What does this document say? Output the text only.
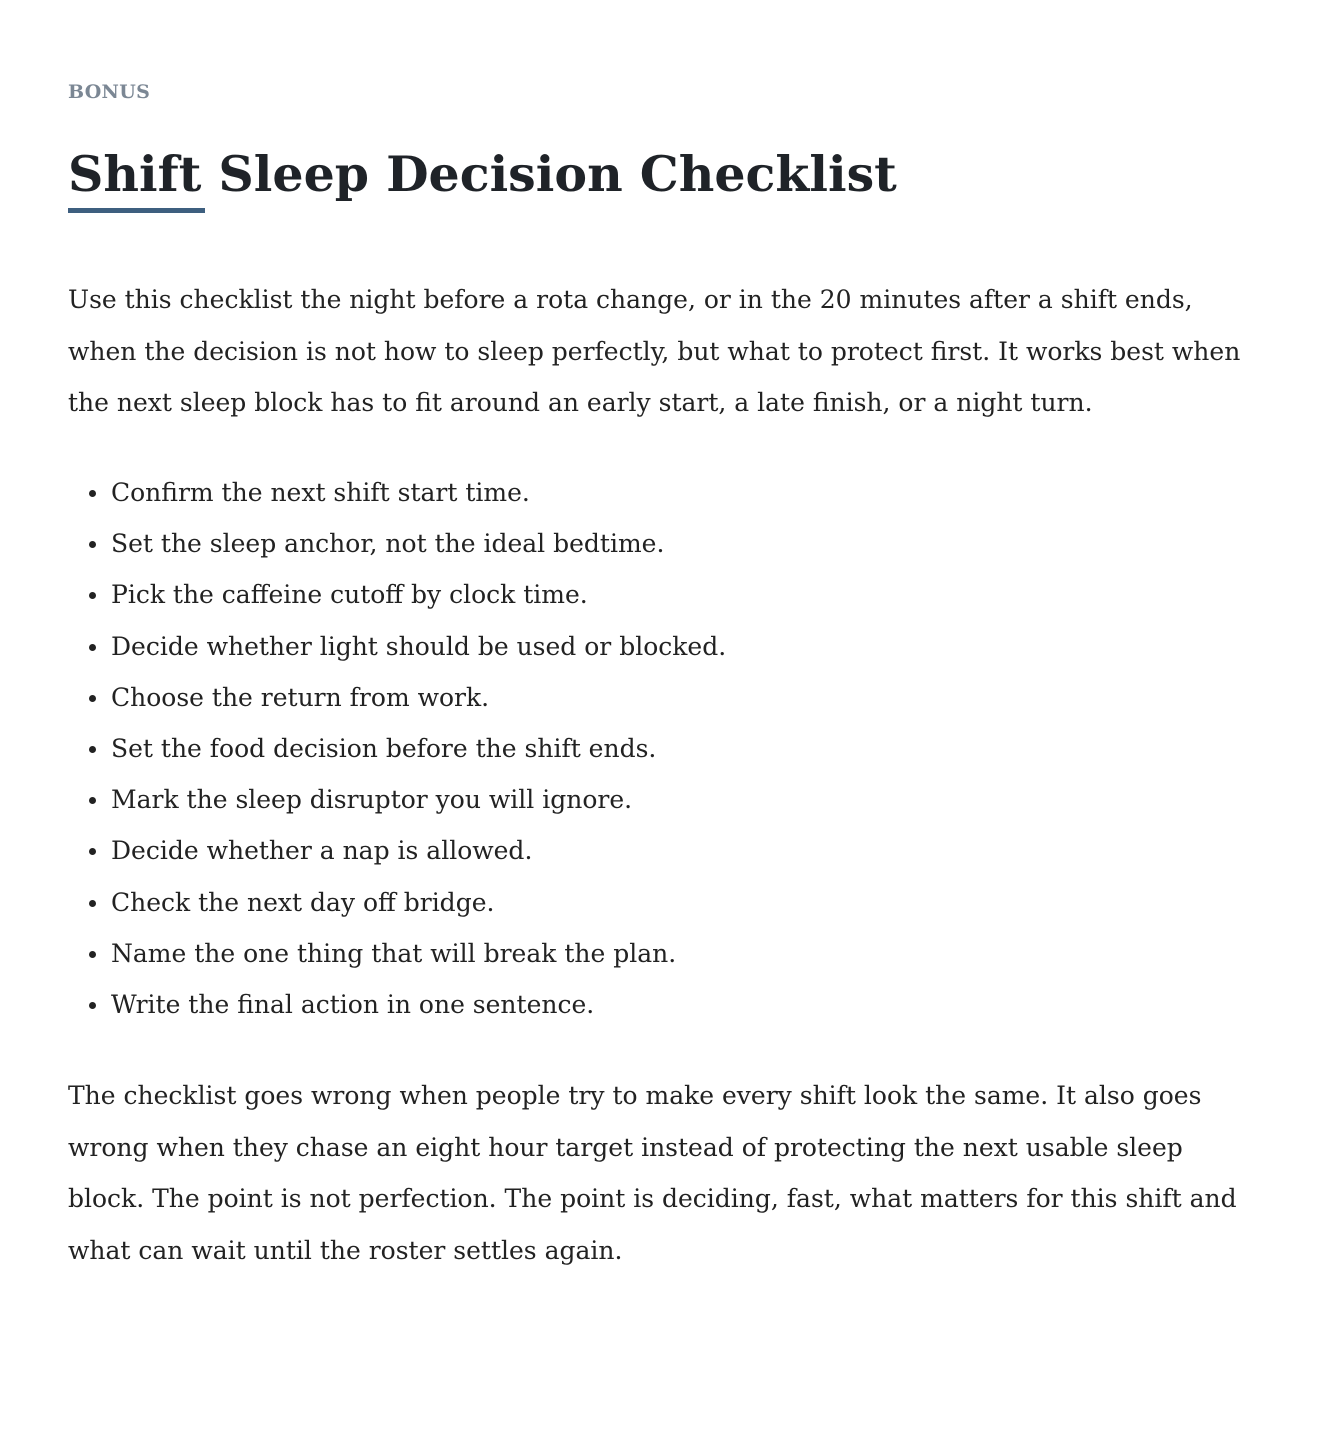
BONUS

Shift Sleep Decision Checklist

Use this checklist the night before a rota change, or in the 20 minutes after a shift ends, when the decision is not how to sleep perfectly, but what to protect first. It works best when the next sleep block has to fit around an early start, a late finish, or a night turn.

Confirm the next shift start time.
Set the sleep anchor, not the ideal bedtime.
Pick the caffeine cutoff by clock time.
Decide whether light should be used or blocked.
Choose the return from work.
Set the food decision before the shift ends.
Mark the sleep disruptor you will ignore.
Decide whether a nap is allowed.
Check the next day off bridge.
Name the one thing that will break the plan.
Write the final action in one sentence.

The checklist goes wrong when people try to make every shift look the same. It also goes wrong when they chase an eight hour target instead of protecting the next usable sleep block. The point is not perfection. The point is deciding, fast, what matters for this shift and what can wait until the roster settles again.
